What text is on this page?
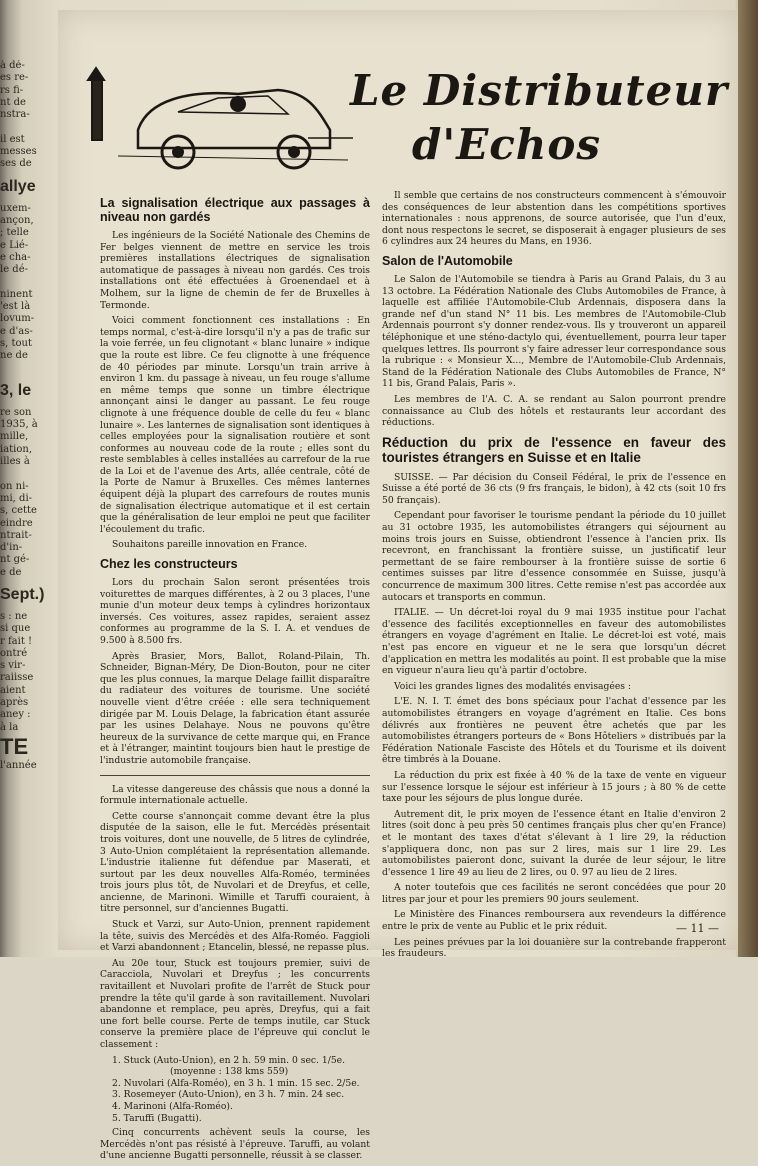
à dé-
es re-
rs fi-
nt de
nstra-

il est
messes
ses de
allye
uxem-
ançon,
; telle
e Lié-
e cha-
le dé-

ninent
'est là
lovum-
e d'as-
s, tout
ne de

3, le
re son
1935, à
mille,
iation,
illes à

on ni-
mi, di-
s, cette
eindre
ntrait-
d'in-
nt gé-
e de
Sept.)
s : ne
si que
r fait !
ontré
s vir-
raiisse
aient
après
aney :
à la
TE
l'année
Le Distributeur
d'Echos
La signalisation électrique aux passages à niveau non gardés

Les ingénieurs de la Société Nationale des Chemins de Fer belges viennent de mettre en service les trois premières installations électriques de signalisation automatique de passages à niveau non gardés. Ces trois installations ont été effectuées à Groenendael et à Molhem, sur la ligne de chemin de fer de Bruxelles à Termonde.

Voici comment fonctionnent ces installations : En temps normal, c'est-à-dire lorsqu'il n'y a pas de trafic sur la voie ferrée, un feu clignotant « blanc lunaire » indique que la route est libre. Ce feu clignotte à une fréquence de 40 périodes par minute. Lorsqu'un train arrive à environ 1 km. du passage à niveau, un feu rouge s'allume en même temps que sonne un timbre électrique annonçant ainsi le danger au passant. Le feu rouge clignote à une fréquence double de celle du feu « blanc lunaire ». Les lanternes de signalisation sont identiques à celles employées pour la signalisation routière et sont conformes au nouveau code de la route ; elles sont du reste semblables à celles installées au carrefour de la rue de la Loi et de l'avenue des Arts, allée centrale, côté de la Porte de Namur à Bruxelles. Ces mêmes lanternes équipent déjà la plupart des carrefours de routes munis de signalisation électrique automatique et il est certain que la généralisation de leur emploi ne peut que faciliter l'écoulement du trafic.

Souhaitons pareille innovation en France.

Chez les constructeurs

Lors du prochain Salon seront présentées trois voiturettes de marques différentes, à 2 ou 3 places, l'une munie d'un moteur deux temps à cylindres horizontaux inversés. Ces voitures, assez rapides, seraient assez conformes au programme de la S. I. A. et vendues de 9.500 à 8.500 frs.

Après Brasier, Mors, Ballot, Roland-Pilain, Th. Schneider, Bignan-Méry, De Dion-Bouton, pour ne citer que les plus connues, la marque Delage faillit disparaître du radiateur des voitures de tourisme. Une société nouvelle vient d'être créée : elle sera techniquement dirigée par M. Louis Delage, la fabrication étant assurée par les usines Delahaye. Nous ne pouvons qu'être heureux de la survivance de cette marque qui, en France et à l'étranger, maintint toujours bien haut le prestige de l'industrie automobile française.

La vitesse dangereuse des châssis que nous a donné la formule internationale actuelle.

Cette course s'annonçait comme devant être la plus disputée de la saison, elle le fut. Mercédès présentait trois voitures, dont une nouvelle, de 5 litres de cylindrée, 3 Auto-Union complétaient la représentation allemande. L'industrie italienne fut défendue par Maserati, et surtout par les deux nouvelles Alfa-Roméo, terminées trois jours plus tôt, de Nuvolari et de Dreyfus, et celle, ancienne, de Marinoni. Wimille et Taruffi couraient, à titre personnel, sur d'anciennes Bugatti.

Stuck et Varzi, sur Auto-Union, prennent rapidement la tête, suivis des Mercédès et des Alfa-Roméo. Faggioli et Varzi abandonnent ; Etancelin, blessé, ne repasse plus.

Au 20e tour, Stuck est toujours premier, suivi de Caracciola, Nuvolari et Dreyfus ; les concurrents ravitaillent et Nuvolari profite de l'arrêt de Stuck pour prendre la tête qu'il garde à son ravitaillement. Nuvolari abandonne et remplace, peu après, Dreyfus, qui a fait une fort belle course. Perte de temps inutile, car Stuck conserve la première place de l'épreuve qui conclut le classement :

1. Stuck (Auto-Union), en 2 h. 59 min. 0 sec. 1/5e.
(moyenne : 138 kms 559)
2. Nuvolari (Alfa-Roméo), en 3 h. 1 min. 15 sec. 2/5e.
3. Rosemeyer (Auto-Union), en 3 h. 7 min. 24 sec.
4. Marinoni (Alfa-Roméo).
5. Taruffi (Bugatti).

Cinq concurrents achèvent seuls la course, les Mercédès n'ont pas résisté à l'épreuve. Taruffi, au volant d'une ancienne Bugatti personnelle, réussit à se classer.

Il semble que certains de nos constructeurs commencent à s'émouvoir des conséquences de leur abstention dans les compétitions sportives internationales : nous apprenons, de source autorisée, que l'un d'eux, dont nous respectons le secret, se disposerait à engager plusieurs de ses 6 cylindres aux 24 heures du Mans, en 1936.

Salon de l'Automobile

Le Salon de l'Automobile se tiendra à Paris au Grand Palais, du 3 au 13 octobre. La Fédération Nationale des Clubs Automobiles de France, à laquelle est affiliée l'Automobile-Club Ardennais, disposera dans la grande nef d'un stand N° 11 bis. Les membres de l'Automobile-Club Ardennais pourront s'y donner rendez-vous. Ils y trouveront un appareil téléphonique et une sténo-dactylo qui, éventuellement, pourra leur taper quelques lettres. Ils pourront s'y faire adresser leur correspondance sous la rubrique : « Monsieur X..., Membre de l'Automobile-Club Ardennais, Stand de la Fédération Nationale des Clubs Automobiles de France, N° 11 bis, Grand Palais, Paris ».

Les membres de l'A. C. A. se rendant au Salon pourront prendre connaissance au Club des hôtels et restaurants leur accordant des réductions.

Réduction du prix de l'essence en faveur des touristes étrangers en Suisse et en Italie

SUISSE. — Par décision du Conseil Fédéral, le prix de l'essence en Suisse a été porté de 36 cts (9 frs français, le bidon), à 42 cts (soit 10 frs 50 français).

Cependant pour favoriser le tourisme pendant la période du 10 juillet au 31 octobre 1935, les automobilistes étrangers qui séjournent au moins trois jours en Suisse, obtiendront l'essence à l'ancien prix. Ils recevront, en franchissant la frontière suisse, un justificatif leur permettant de se faire rembourser à la frontière suisse de sortie 6 centimes suisses par litre d'essence consommée en Suisse, jusqu'à concurrence de maximum 300 litres. Cette remise n'est pas accordée aux autocars et transports en commun.

ITALIE. — Un décret-loi royal du 9 mai 1935 institue pour l'achat d'essence des facilités exceptionnelles en faveur des automobilistes étrangers en voyage d'agrément en Italie. Le décret-loi est voté, mais n'est pas encore en vigueur et ne le sera que lorsqu'un décret d'application en mettra les modalités au point. Il est probable que la mise en vigueur n'aura lieu qu'à partir d'octobre.

Voici les grandes lignes des modalités envisagées :

L'E. N. I. T. émet des bons spéciaux pour l'achat d'essence par les automobilistes étrangers en voyage d'agrément en Italie. Ces bons délivrés aux frontières ne peuvent être achetés que par les automobilistes étrangers porteurs de « Bons Hôteliers » distribués par la Fédération Nationale Fasciste des Hôtels et du Tourisme et ils doivent être timbrés à la Douane.

La réduction du prix est fixée à 40 % de la taxe de vente en vigueur sur l'essence lorsque le séjour est inférieur à 15 jours ; à 80 % de cette taxe pour les séjours de plus longue durée.

Autrement dit, le prix moyen de l'essence étant en Italie d'environ 2 litres (soit donc à peu près 50 centimes français plus cher qu'en France) et le montant des taxes d'état s'élevant à 1 lire 29, la réduction s'appliquera donc, non pas sur 2 lires, mais sur 1 lire 29. Les automobilistes paieront donc, suivant la durée de leur séjour, le litre d'essence 1 lire 49 au lieu de 2 lires, ou 0. 97 au lieu de 2 lires.

A noter toutefois que ces facilités ne seront concédées que pour 20 litres par jour et pour les premiers 90 jours seulement.

Le Ministère des Finances remboursera aux revendeurs la différence entre le prix de vente au Public et le prix réduit.

Les peines prévues par la loi douanière sur la contrebande frapperont les fraudeurs.

— 11 —
